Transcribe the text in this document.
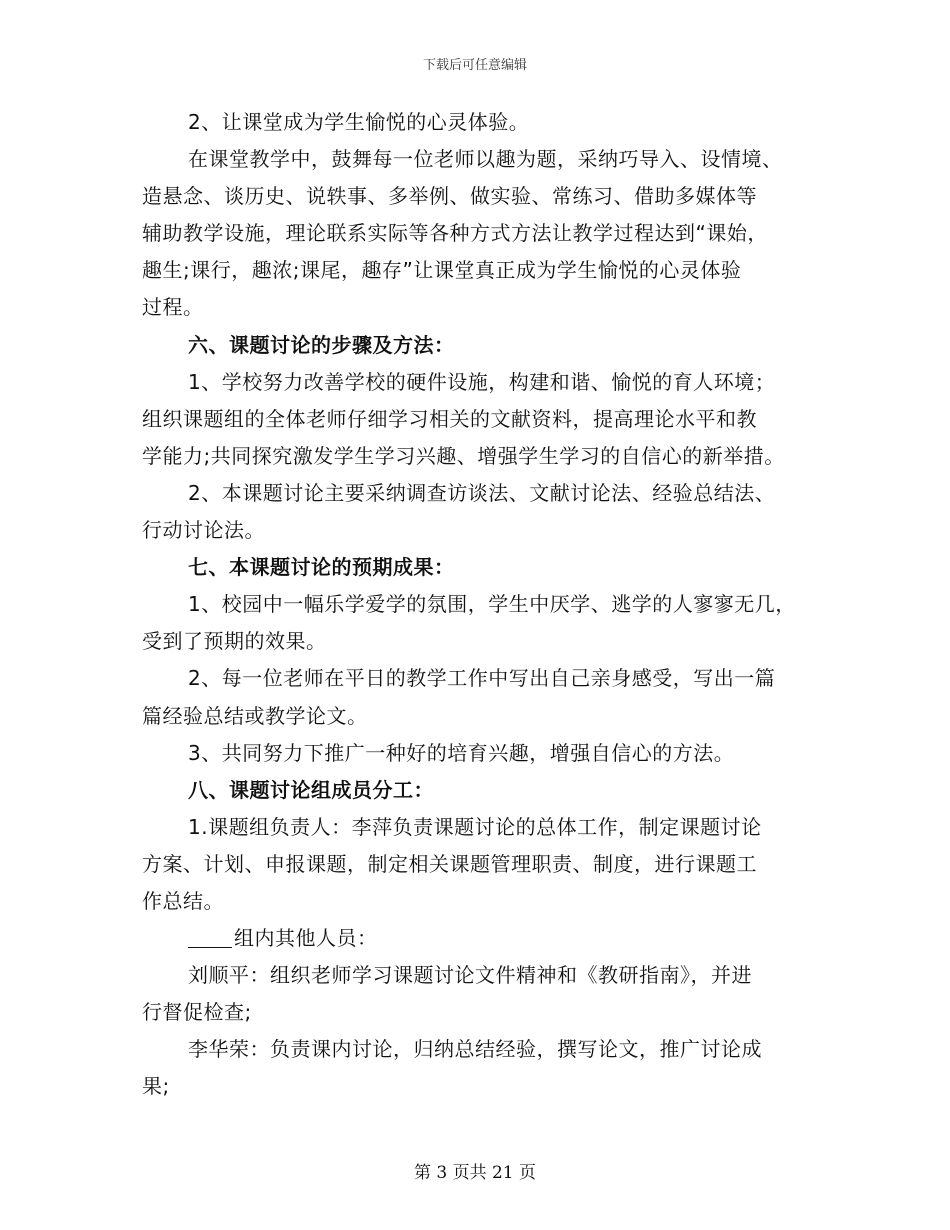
下载后可任意编辑
2、让课堂成为学生愉悦的心灵体验。
在课堂教学中，鼓舞每一位老师以趣为题，采纳巧导入、设情境、
造悬念、谈历史、说轶事、多举例、做实验、常练习、借助多媒体等
辅助教学设施，理论联系实际等各种方式方法让教学过程达到“课始，
趣生;课行，趣浓;课尾，趣存”让课堂真正成为学生愉悦的心灵体验
过程。
六、课题讨论的步骤及方法：
1、学校努力改善学校的硬件设施，构建和谐、愉悦的育人环境；
组织课题组的全体老师仔细学习相关的文献资料，提高理论水平和教
学能力;共同探究激发学生学习兴趣、增强学生学习的自信心的新举措。
2、本课题讨论主要采纳调查访谈法、文献讨论法、经验总结法、
行动讨论法。
七、本课题讨论的预期成果：
1、校园中一幅乐学爱学的氛围，学生中厌学、逃学的人寥寥无几，
受到了预期的效果。
2、每一位老师在平日的教学工作中写出自己亲身感受，写出一篇
篇经验总结或教学论文。
3、共同努力下推广一种好的培育兴趣，增强自信心的方法。
八、课题讨论组成员分工：
1.课题组负责人：李萍负责课题讨论的总体工作，制定课题讨论
方案、计划、申报课题，制定相关课题管理职责、制度，进行课题工
作总结。
组内其他人员：
刘顺平：组织老师学习课题讨论文件精神和《教研指南》，并进
行督促检查;
李华荣：负责课内讨论，归纳总结经验，撰写论文，推广讨论成
果;
第 3 页共 21 页
